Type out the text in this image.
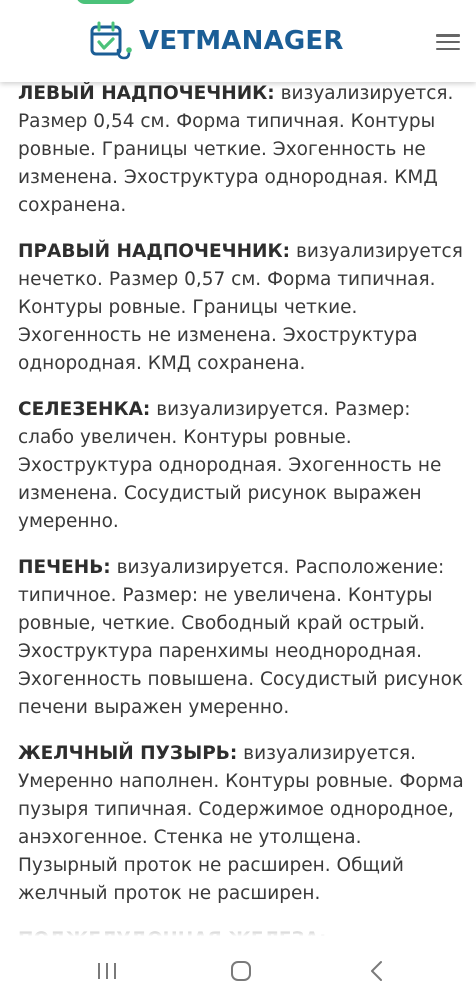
VETMANAGER

ЛЕВЫЙ НАДПОЧЕЧНИК: визуализируется. Размер 0,54 см. Форма типичная. Контуры ровные. Границы четкие. Эхогенность не изменена. Эхоструктура однородная. КМД сохранена.

ПРАВЫЙ НАДПОЧЕЧНИК: визуализируется нечетко. Размер 0,57 см. Форма типичная. Контуры ровные. Границы четкие. Эхогенность не изменена. Эхоструктура однородная. КМД сохранена.

СЕЛЕЗЕНКА: визуализируется. Размер: слабо увеличен. Контуры ровные. Эхоструктура однородная. Эхогенность не изменена. Сосудистый рисунок выражен умеренно.

ПЕЧЕНЬ: визуализируется. Расположение: типичное. Размер: не увеличена. Контуры ровные, четкие. Свободный край острый. Эхоструктура паренхимы неоднородная. Эхогенность повышена. Сосудистый рисунок печени выражен умеренно.

ЖЕЛЧНЫЙ ПУЗЫРЬ: визуализируется. Умеренно наполнен. Контуры ровные. Форма пузыря типичная. Содержимое однородное, анэхогенное. Стенка не утолщена. Пузырный проток не расширен. Общий желчный проток не расширен.
